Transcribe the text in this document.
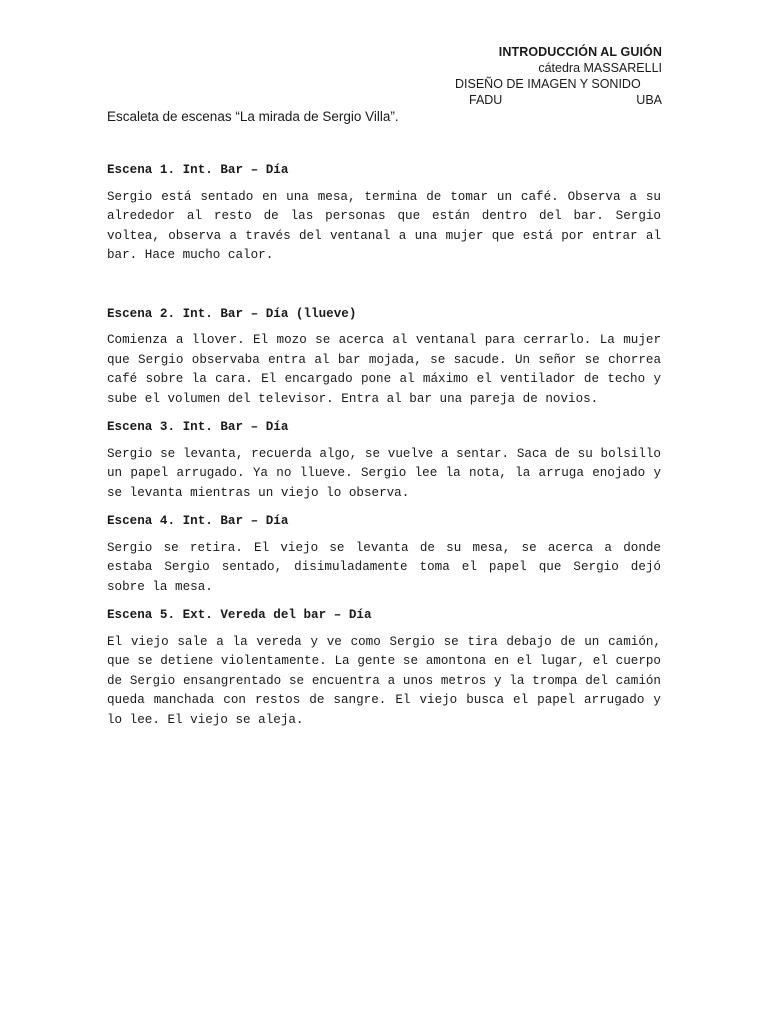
INTRODUCCIÓN AL GUIÓN
cátedra MASSARELLI
DISEÑO DE IMAGEN Y SONIDO
FADU	UBA
Escaleta de escenas “La mirada de Sergio Villa”.

Escena 1. Int. Bar – Día

Sergio está sentado en una mesa, termina de tomar un café. Observa a su alrededor al resto de las personas que están dentro del bar. Sergio voltea, observa a través del ventanal a una mujer que está por entrar al bar. Hace mucho calor.

Escena 2. Int. Bar – Día (llueve)

Comienza a llover. El mozo se acerca al ventanal para cerrarlo. La mujer que Sergio observaba entra al bar mojada, se sacude. Un señor se chorrea café sobre la cara. El encargado pone al máximo el ventilador de techo y sube el volumen del televisor. Entra al bar una pareja de novios.

Escena 3. Int. Bar – Día

Sergio se levanta, recuerda algo, se vuelve a sentar. Saca de su bolsillo un papel arrugado. Ya no llueve. Sergio lee la nota, la arruga enojado y se levanta mientras un viejo lo observa.

Escena 4. Int. Bar – Día

Sergio se retira. El viejo se levanta de su mesa, se acerca a donde estaba Sergio sentado, disimuladamente toma el papel que Sergio dejó sobre la mesa.

Escena 5. Ext. Vereda del bar – Día

El viejo sale a la vereda y ve como Sergio se tira debajo de un camión, que se detiene violentamente. La gente se amontona en el lugar, el cuerpo de Sergio ensangrentado se encuentra a unos metros y la trompa del camión queda manchada con restos de sangre. El viejo busca el papel arrugado y lo lee. El viejo se aleja.
